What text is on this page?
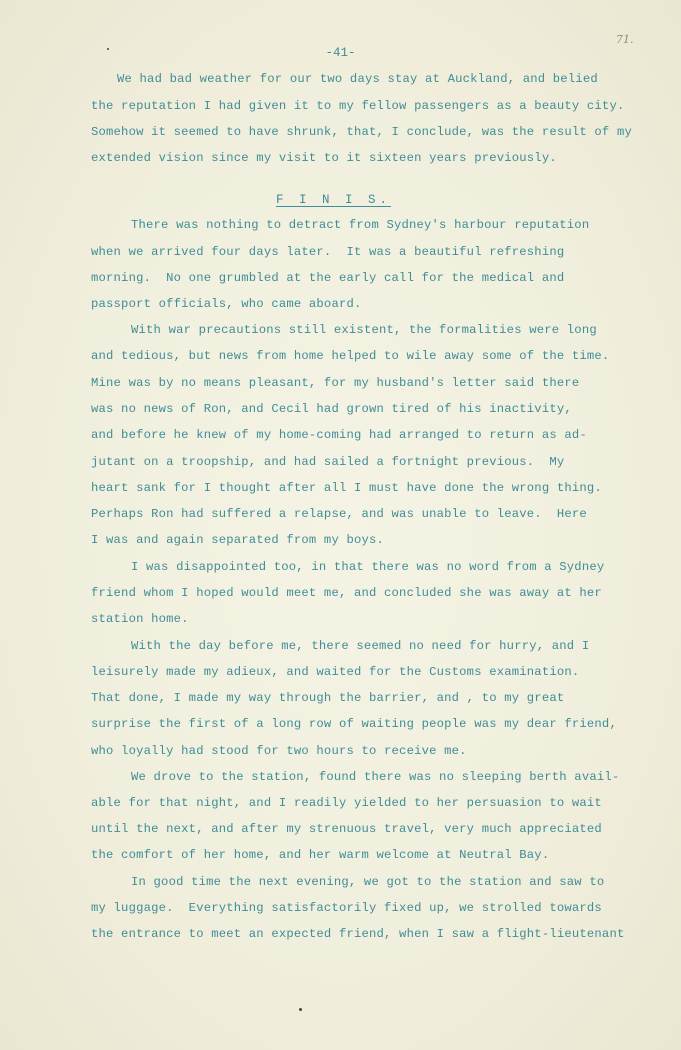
71.
-41-
We had bad weather for our two days stay at Auckland, and belied
the reputation I had given it to my fellow passengers as a beauty city.
Somehow it seemed to have shrunk, that, I conclude, was the result of my
extended vision since my visit to it sixteen years previously.
F I N I S.
There was nothing to detract from Sydney's harbour reputation
when we arrived four days later.  It was a beautiful refreshing
morning.  No one grumbled at the early call for the medical and
passport officials, who came aboard.
With war precautions still existent, the formalities were long
and tedious, but news from home helped to wile away some of the time.
Mine was by no means pleasant, for my husband's letter said there
was no news of Ron, and Cecil had grown tired of his inactivity,
and before he knew of my home-coming had arranged to return as ad-
jutant on a troopship, and had sailed a fortnight previous.  My
heart sank for I thought after all I must have done the wrong thing.
Perhaps Ron had suffered a relapse, and was unable to leave.  Here
I was and again separated from my boys.
I was disappointed too, in that there was no word from a Sydney
friend whom I hoped would meet me, and concluded she was away at her
station home.
With the day before me, there seemed no need for hurry, and I
leisurely made my adieux, and waited for the Customs examination.
That done, I made my way through the barrier, and , to my great
surprise the first of a long row of waiting people was my dear friend,
who loyally had stood for two hours to receive me.
We drove to the station, found there was no sleeping berth avail-
able for that night, and I readily yielded to her persuasion to wait
until the next, and after my strenuous travel, very much appreciated
the comfort of her home, and her warm welcome at Neutral Bay.
In good time the next evening, we got to the station and saw to
my luggage.  Everything satisfactorily fixed up, we strolled towards
the entrance to meet an expected friend, when I saw a flight-lieutenant
